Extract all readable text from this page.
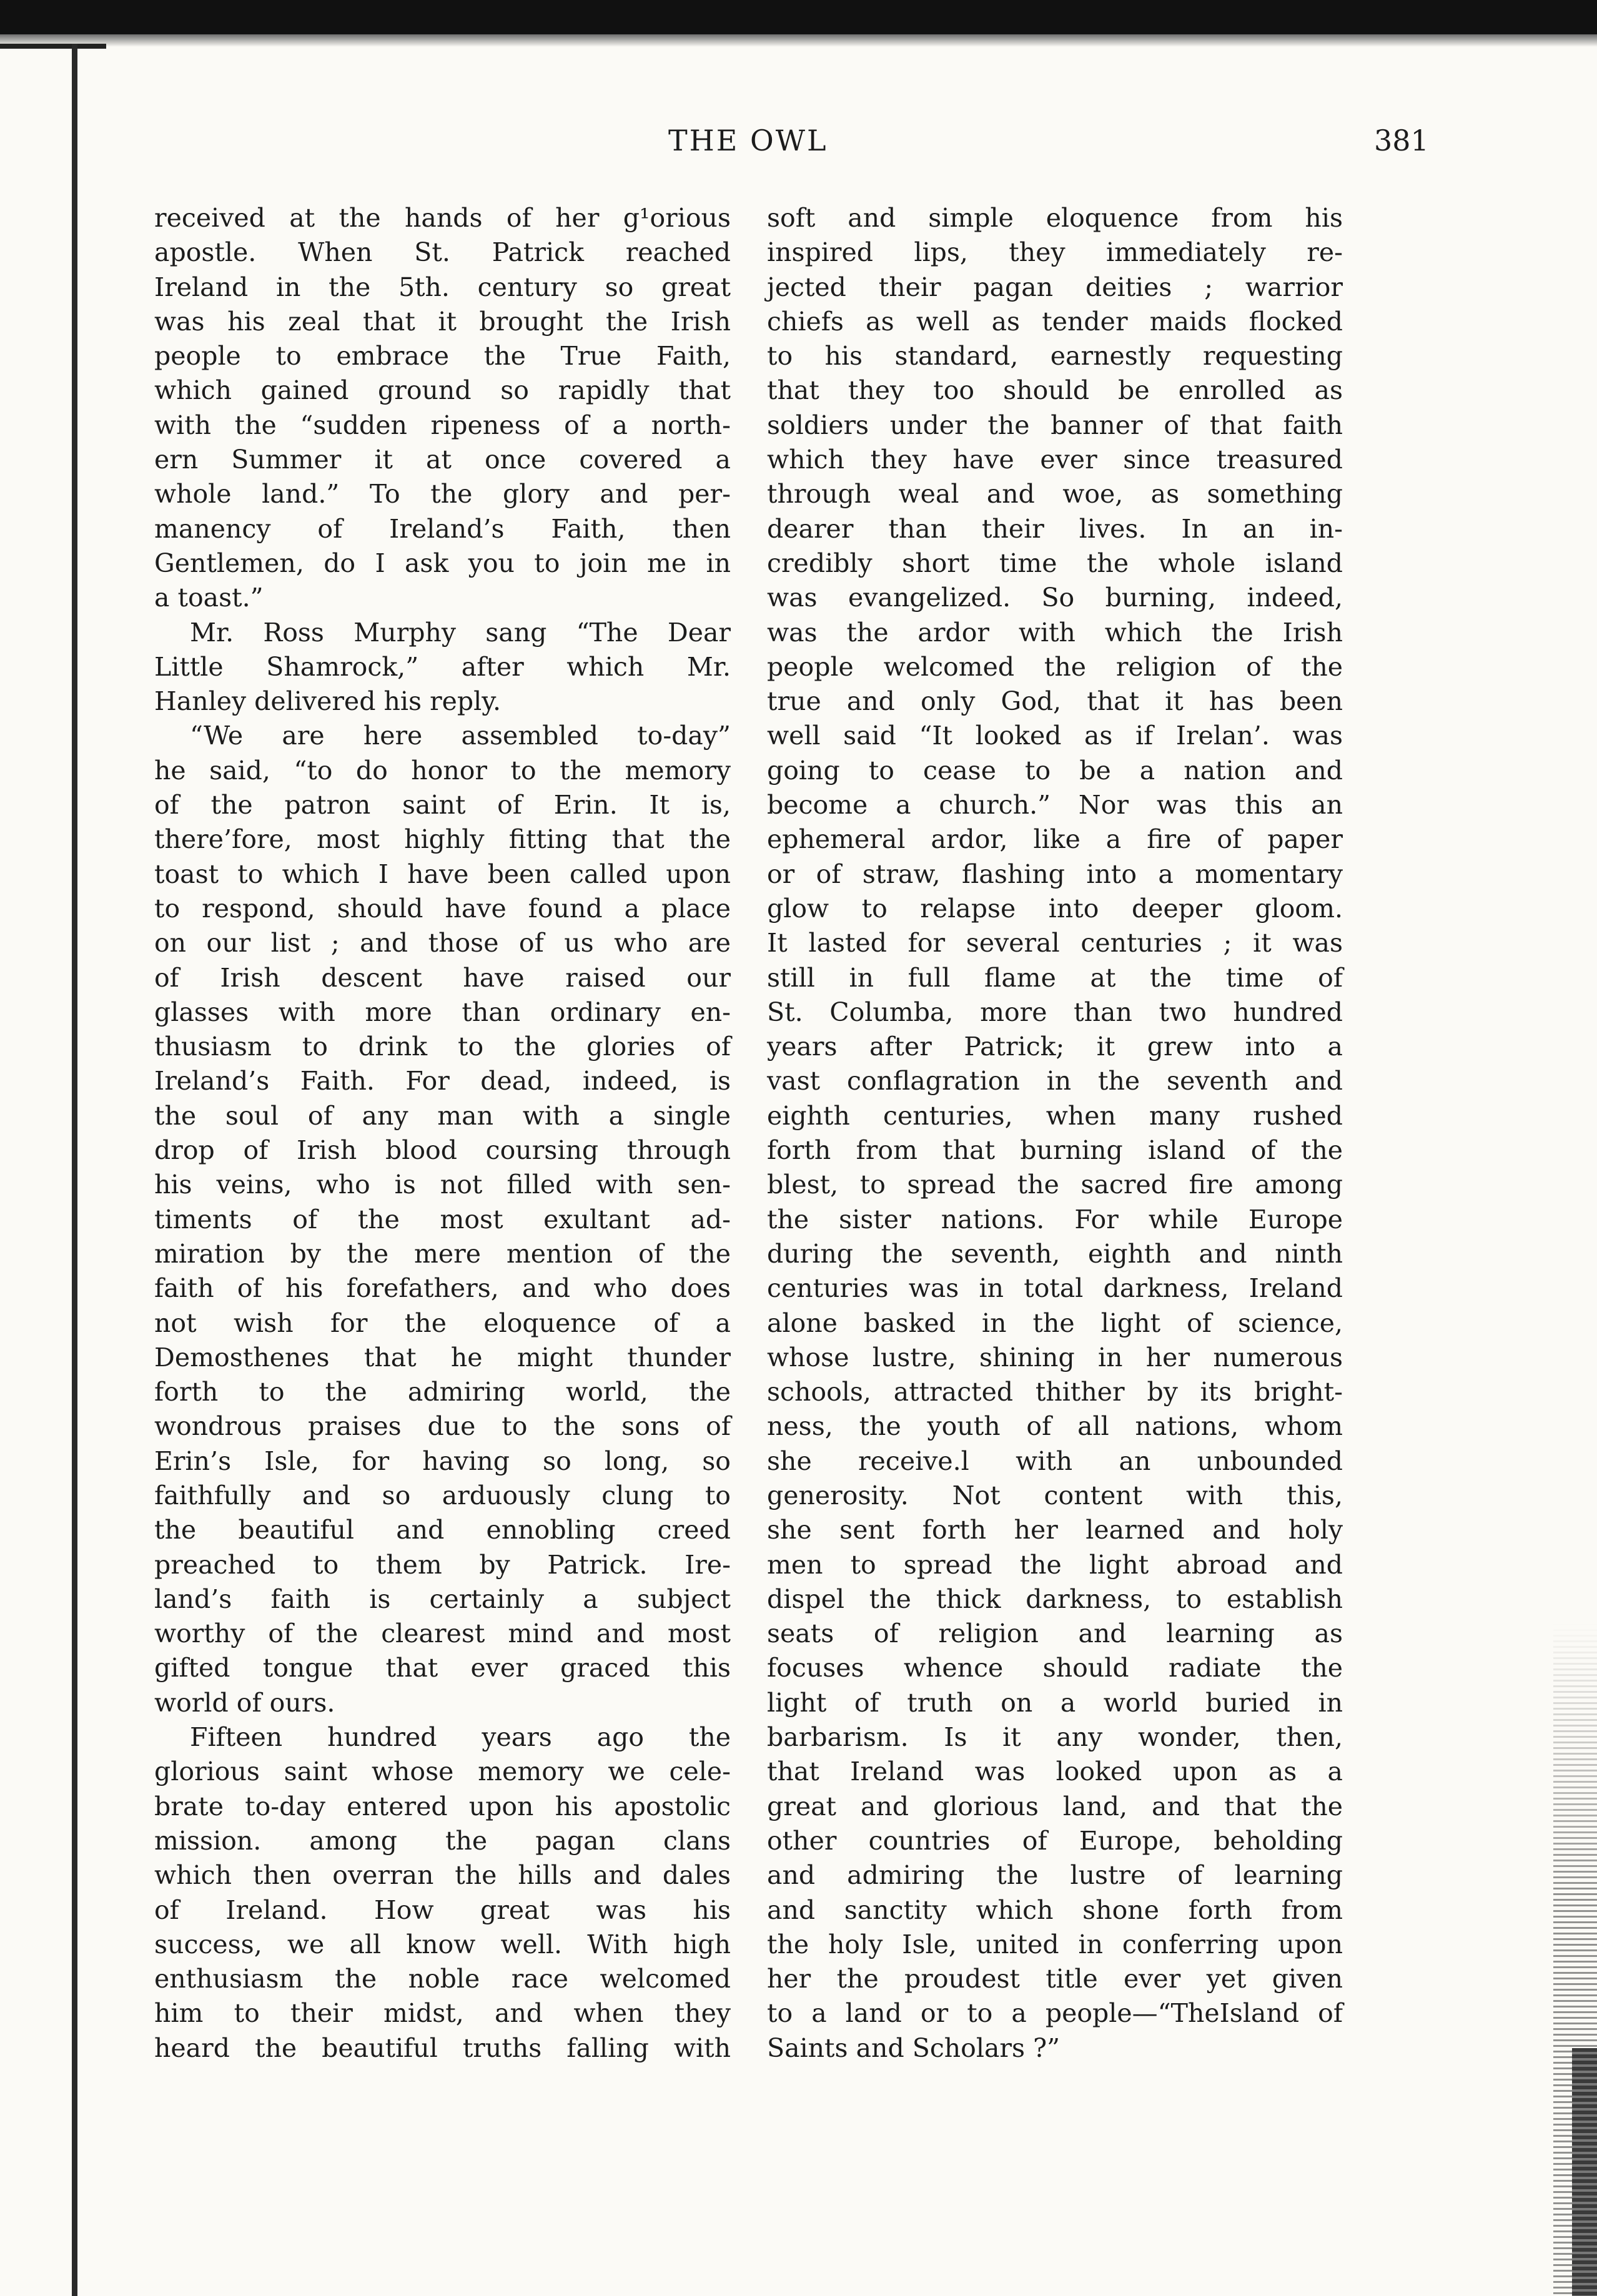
THE OWL	381
received at the hands of her g¹orious
apostle. When St. Patrick reached
Ireland in the 5th. century so great
was his zeal that it brought the Irish
people to embrace the True Faith,
which gained ground so rapidly that
with the “sudden ripeness of a north-
ern Summer it at once covered a
whole land.” To the glory and per-
manency of Ireland’s Faith, then
Gentlemen, do I ask you to join me in
a toast.”
Mr. Ross Murphy sang “The Dear
Little Shamrock,” after which Mr.
Hanley delivered his reply.
“We are here assembled to-day”
he said, “to do honor to the memory
of the patron saint of Erin. It is,
there’fore, most highly fitting that the
toast to which I have been called upon
to respond, should have found a place
on our list ; and those of us who are
of Irish descent have raised our
glasses with more than ordinary en-
thusiasm to drink to the glories of
Ireland’s Faith. For dead, indeed, is
the soul of any man with a single
drop of Irish blood coursing through
his veins, who is not filled with sen-
timents of the most exultant ad-
miration by the mere mention of the
faith of his forefathers, and who does
not wish for the eloquence of a
Demosthenes that he might thunder
forth to the admiring world, the
wondrous praises due to the sons of
Erin’s Isle, for having so long, so
faithfully and so arduously clung to
the beautiful and ennobling creed
preached to them by Patrick. Ire-
land’s faith is certainly a subject
worthy of the clearest mind and most
gifted tongue that ever graced this
world of ours.
Fifteen hundred years ago the
glorious saint whose memory we cele-
brate to-day entered upon his apostolic
mission. among the pagan clans
which then overran the hills and dales
of Ireland. How great was his
success, we all know well. With high
enthusiasm the noble race welcomed
him to their midst, and when they
heard the beautiful truths falling with
soft and simple eloquence from his
inspired lips, they immediately re-
jected their pagan deities ; warrior
chiefs as well as tender maids flocked
to his standard, earnestly requesting
that they too should be enrolled as
soldiers under the banner of that faith
which they have ever since treasured
through weal and woe, as something
dearer than their lives. In an in-
credibly short time the whole island
was evangelized. So burning, indeed,
was the ardor with which the Irish
people welcomed the religion of the
true and only God, that it has been
well said “It looked as if Irelan’. was
going to cease to be a nation and
become a church.” Nor was this an
ephemeral ardor, like a fire of paper
or of straw, flashing into a momentary
glow to relapse into deeper gloom.
It lasted for several centuries ; it was
still in full flame at the time of
St. Columba, more than two hundred
years after Patrick; it grew into a
vast conflagration in the seventh and
eighth centuries, when many rushed
forth from that burning island of the
blest, to spread the sacred fire among
the sister nations. For while Europe
during the seventh, eighth and ninth
centuries was in total darkness, Ireland
alone basked in the light of science,
whose lustre, shining in her numerous
schools, attracted thither by its bright-
ness, the youth of all nations, whom
she receive.l with an unbounded
generosity. Not content with this,
she sent forth her learned and holy
men to spread the light abroad and
dispel the thick darkness, to establish
seats of religion and learning as
focuses whence should radiate the
light of truth on a world buried in
barbarism. Is it any wonder, then,
that Ireland was looked upon as a
great and glorious land, and that the
other countries of Europe, beholding
and admiring the lustre of learning
and sanctity which shone forth from
the holy Isle, united in conferring upon
her the proudest title ever yet given
to a land or to a people—“TheIsland of
Saints and Scholars ?”
